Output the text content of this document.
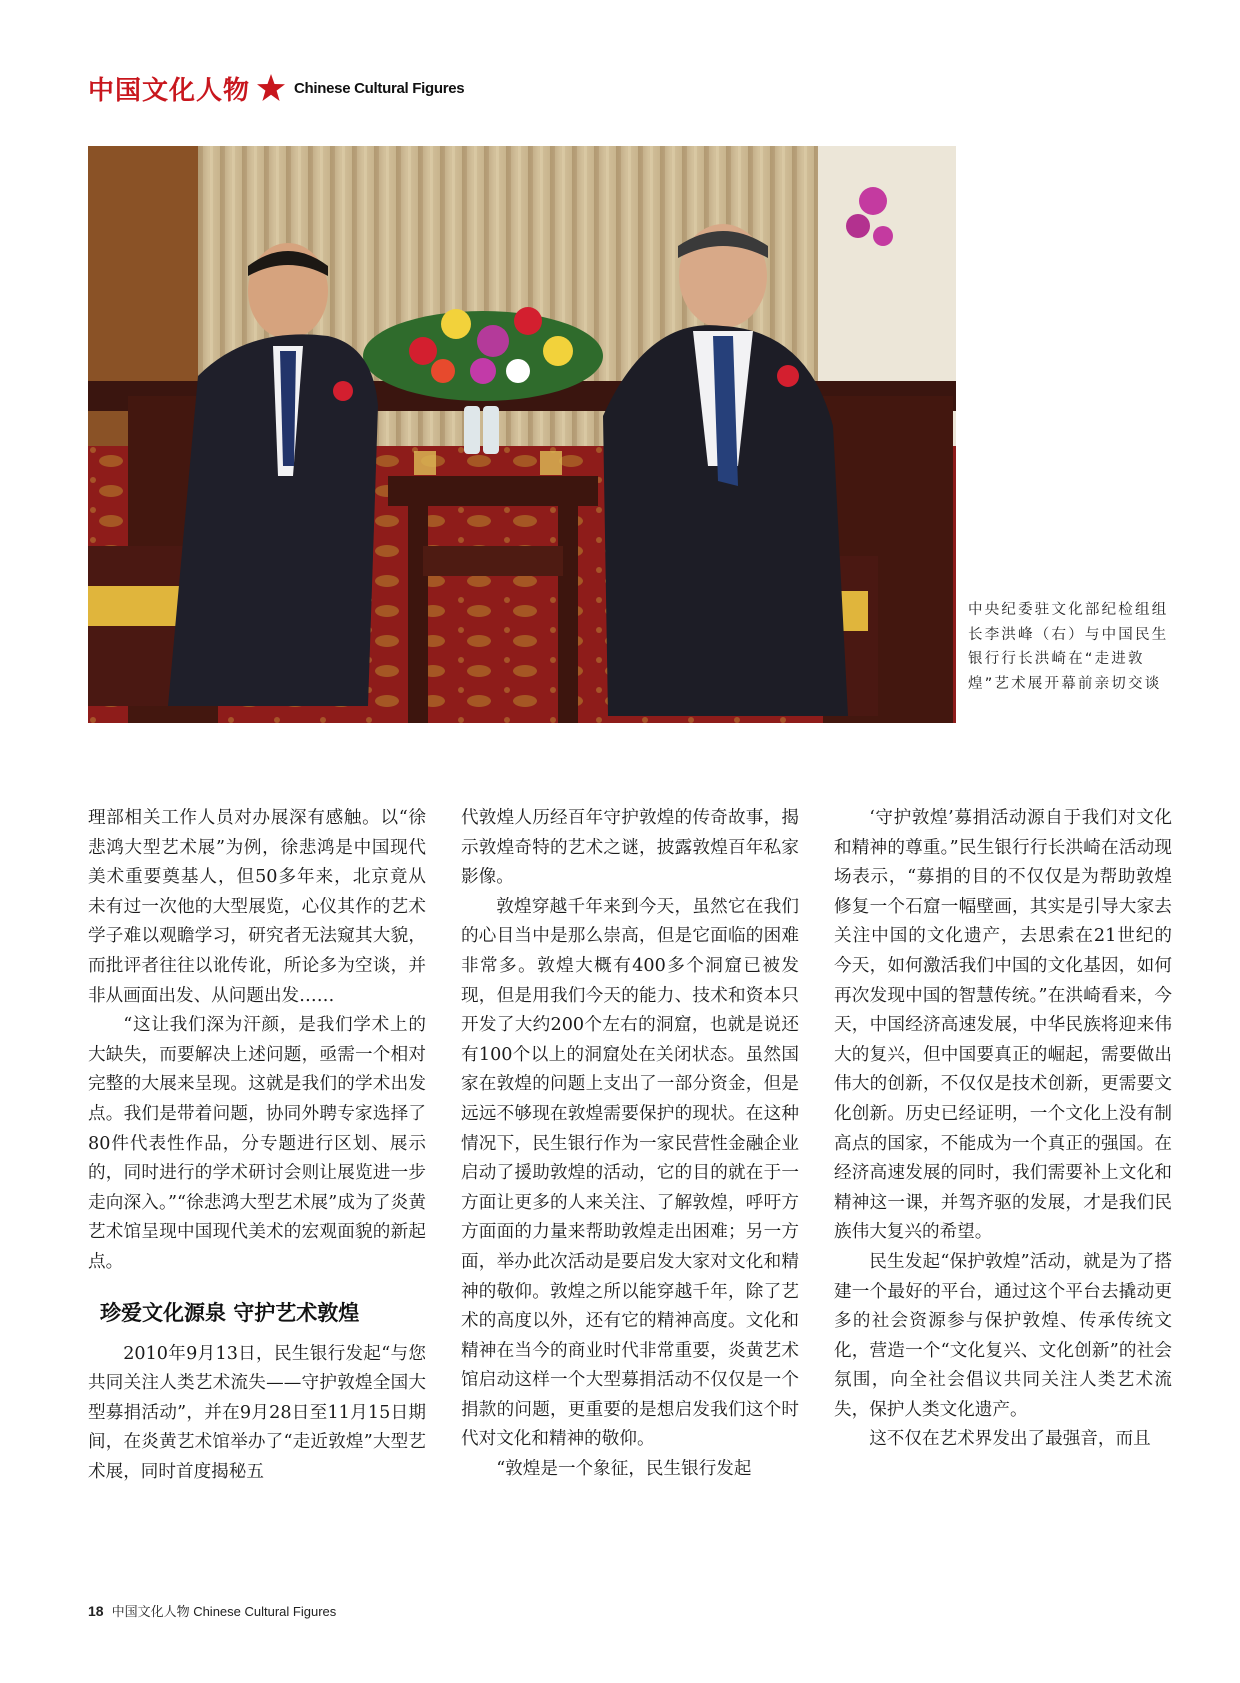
中国文化人物	Chinese Cultural Figures
中央纪委驻文化部纪检组组长李洪峰（右）与中国民生银行行长洪崎在“走进敦煌”艺术展开幕前亲切交谈

理部相关工作人员对办展深有感触。以“徐悲鸿大型艺术展”为例，徐悲鸿是中国现代美术重要奠基人，但50多年来，北京竟从未有过一次他的大型展览，心仪其作的艺术学子难以观瞻学习，研究者无法窥其大貌，而批评者往往以讹传讹，所论多为空谈，并非从画面出发、从问题出发……

“这让我们深为汗颜，是我们学术上的大缺失，而要解决上述问题，亟需一个相对完整的大展来呈现。这就是我们的学术出发点。我们是带着问题，协同外聘专家选择了80件代表性作品，分专题进行区划、展示的，同时进行的学术研讨会则让展览进一步走向深入。”“徐悲鸿大型艺术展”成为了炎黄艺术馆呈现中国现代美术的宏观面貌的新起点。

珍爱文化源泉 守护艺术敦煌

2010年9月13日，民生银行发起“与您共同关注人类艺术流失——守护敦煌全国大型募捐活动”，并在9月28日至11月15日期间，在炎黄艺术馆举办了“走近敦煌”大型艺术展，同时首度揭秘五

代敦煌人历经百年守护敦煌的传奇故事，揭示敦煌奇特的艺术之谜，披露敦煌百年私家影像。

敦煌穿越千年来到今天，虽然它在我们的心目当中是那么崇高，但是它面临的困难非常多。敦煌大概有400多个洞窟已被发现，但是用我们今天的能力、技术和资本只开发了大约200个左右的洞窟，也就是说还有100个以上的洞窟处在关闭状态。虽然国家在敦煌的问题上支出了一部分资金，但是远远不够现在敦煌需要保护的现状。在这种情况下，民生银行作为一家民营性金融企业启动了援助敦煌的活动，它的目的就在于一方面让更多的人来关注、了解敦煌，呼吁方方面面的力量来帮助敦煌走出困难；另一方面，举办此次活动是要启发大家对文化和精神的敬仰。敦煌之所以能穿越千年，除了艺术的高度以外，还有它的精神高度。文化和精神在当今的商业时代非常重要，炎黄艺术馆启动这样一个大型募捐活动不仅仅是一个捐款的问题，更重要的是想启发我们这个时代对文化和精神的敬仰。

“敦煌是一个象征，民生银行发起

‘守护敦煌’募捐活动源自于我们对文化和精神的尊重。”民生银行行长洪崎在活动现场表示，“募捐的目的不仅仅是为帮助敦煌修复一个石窟一幅壁画，其实是引导大家去关注中国的文化遗产，去思索在21世纪的今天，如何激活我们中国的文化基因，如何再次发现中国的智慧传统。”在洪崎看来，今天，中国经济高速发展，中华民族将迎来伟大的复兴，但中国要真正的崛起，需要做出伟大的创新，不仅仅是技术创新，更需要文化创新。历史已经证明，一个文化上没有制高点的国家，不能成为一个真正的强国。在经济高速发展的同时，我们需要补上文化和精神这一课，并驾齐驱的发展，才是我们民族伟大复兴的希望。

民生发起“保护敦煌”活动，就是为了搭建一个最好的平台，通过这个平台去撬动更多的社会资源参与保护敦煌、传承传统文化，营造一个“文化复兴、文化创新”的社会氛围，向全社会倡议共同关注人类艺术流失，保护人类文化遗产。

这不仅在艺术界发出了最强音，而且

18 中国文化人物 Chinese Cultural Figures
